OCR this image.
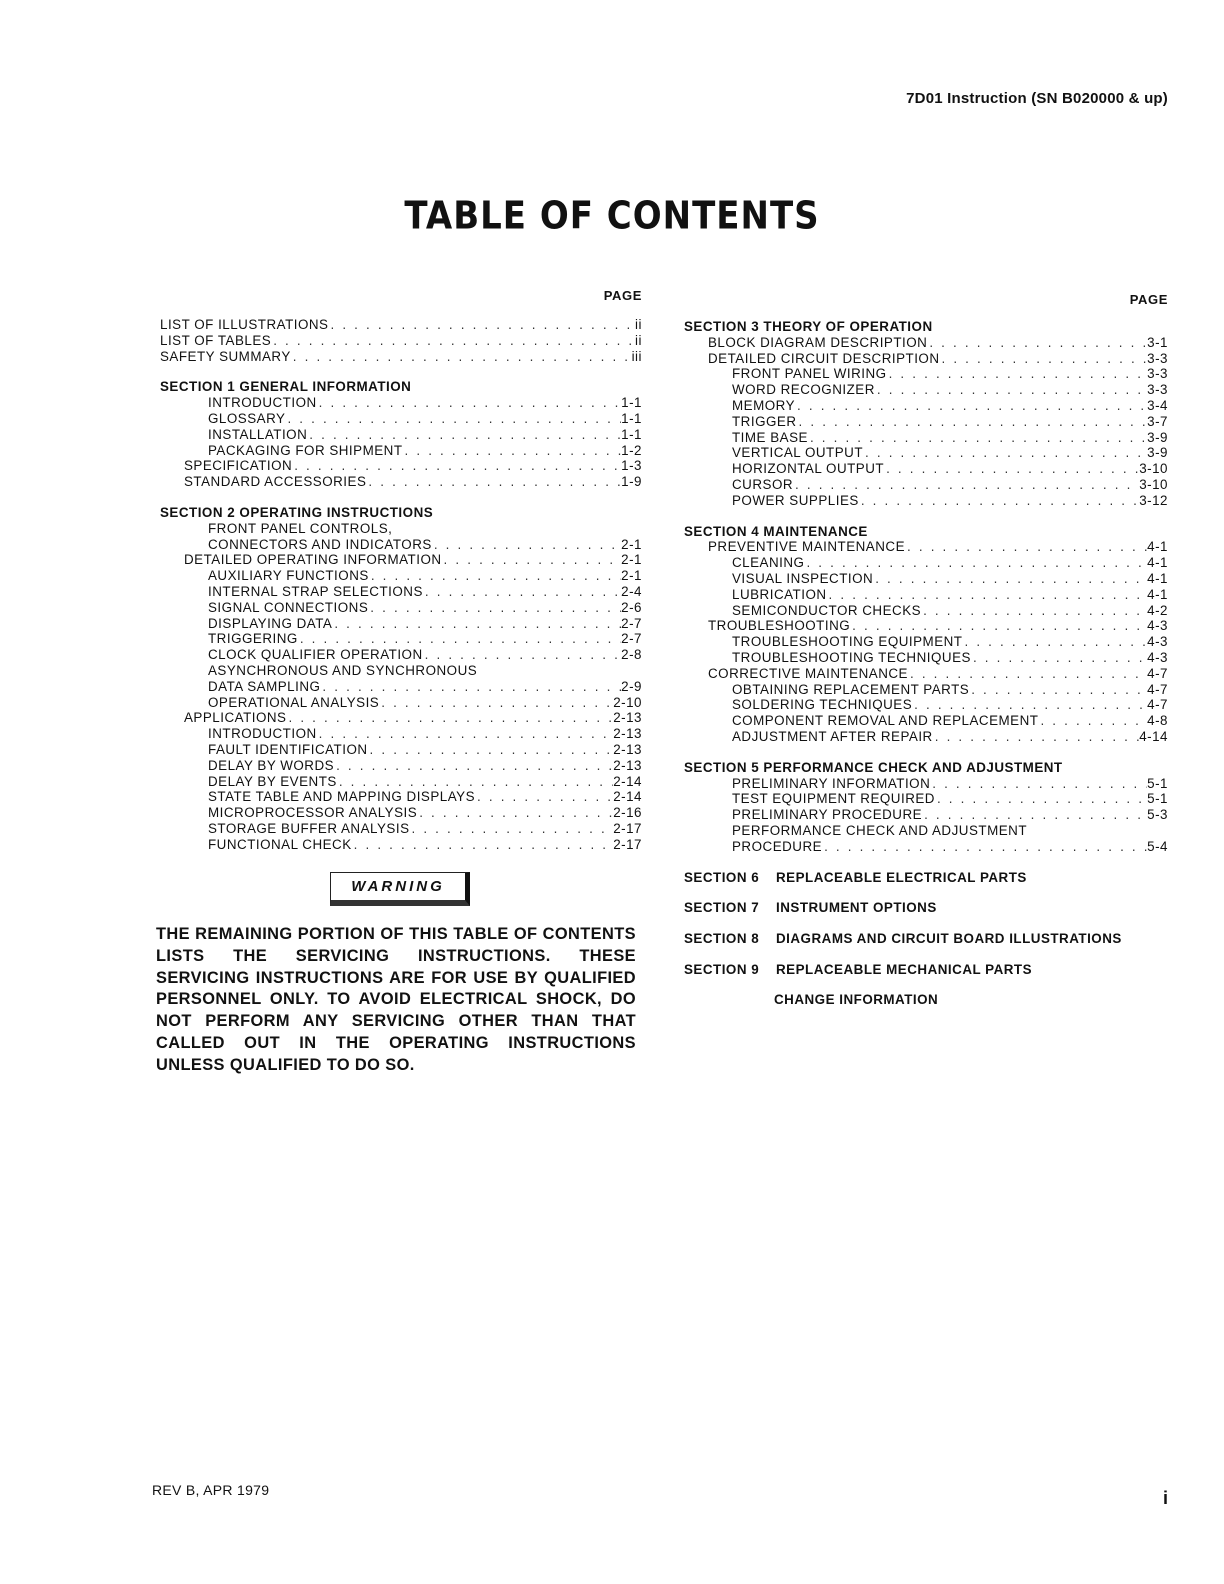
7D01 Instruction (SN B020000 & up)
TABLE OF CONTENTS
PAGE
LIST OF ILLUSTRATIONS . . .	ii
LIST OF TABLES . . .	ii
SAFETY SUMMARY . . .	iii
SECTION 1 GENERAL INFORMATION
INTRODUCTION . . .	1-1
GLOSSARY . . .	1-1
INSTALLATION . . .	1-1
PACKAGING FOR SHIPMENT . . .	1-2
SPECIFICATION . . .	1-3
STANDARD ACCESSORIES . . .	1-9
SECTION 2 OPERATING INSTRUCTIONS
FRONT PANEL CONTROLS,
CONNECTORS AND INDICATORS . . .	2-1
DETAILED OPERATING INFORMATION . . .	2-1
AUXILIARY FUNCTIONS . . .	2-1
INTERNAL STRAP SELECTIONS . . .	2-4
SIGNAL CONNECTIONS . . .	2-6
DISPLAYING DATA . . .	2-7
TRIGGERING . . .	2-7
CLOCK QUALIFIER OPERATION . . .	2-8
ASYNCHRONOUS AND SYNCHRONOUS
DATA SAMPLING . . .	2-9
OPERATIONAL ANALYSIS . . .	2-10
APPLICATIONS . . .	2-13
INTRODUCTION . . .	2-13
FAULT IDENTIFICATION . . .	2-13
DELAY BY WORDS . . .	2-13
DELAY BY EVENTS . . .	2-14
STATE TABLE AND MAPPING DISPLAYS . . .	2-14
MICROPROCESSOR ANALYSIS . . .	2-16
STORAGE BUFFER ANALYSIS . . .	2-17
FUNCTIONAL CHECK . . .	2-17
WARNING
THE REMAINING PORTION OF THIS TABLE OF CONTENTS LISTS THE SERVICING INSTRUCTIONS. THESE SERVICING INSTRUCTIONS ARE FOR USE BY QUALIFIED PERSONNEL ONLY. TO AVOID ELECTRICAL SHOCK, DO NOT PERFORM ANY SERVICING OTHER THAN THAT CALLED OUT IN THE OPERATING INSTRUCTIONS UNLESS QUALIFIED TO DO SO.
PAGE
SECTION 3 THEORY OF OPERATION
BLOCK DIAGRAM DESCRIPTION . . .	3-1
DETAILED CIRCUIT DESCRIPTION . . .	3-3
FRONT PANEL WIRING . . .	3-3
WORD RECOGNIZER . . .	3-3
MEMORY . . .	3-4
TRIGGER . . .	3-7
TIME BASE . . .	3-9
VERTICAL OUTPUT . . .	3-9
HORIZONTAL OUTPUT . . .	3-10
CURSOR . . .	3-10
POWER SUPPLIES . . .	3-12
SECTION 4 MAINTENANCE
PREVENTIVE MAINTENANCE . . .	4-1
CLEANING . . .	4-1
VISUAL INSPECTION . . .	4-1
LUBRICATION . . .	4-1
SEMICONDUCTOR CHECKS . . .	4-2
TROUBLESHOOTING . . .	4-3
TROUBLESHOOTING EQUIPMENT . . .	4-3
TROUBLESHOOTING TECHNIQUES . . .	4-3
CORRECTIVE MAINTENANCE . . .	4-7
OBTAINING REPLACEMENT PARTS . . .	4-7
SOLDERING TECHNIQUES . . .	4-7
COMPONENT REMOVAL AND REPLACEMENT . . .	4-8
ADJUSTMENT AFTER REPAIR . . .	4-14
SECTION 5 PERFORMANCE CHECK AND ADJUSTMENT
PRELIMINARY INFORMATION . . .	5-1
TEST EQUIPMENT REQUIRED . . .	5-1
PRELIMINARY PROCEDURE . . .	5-3
PERFORMANCE CHECK AND ADJUSTMENT
PROCEDURE . . .	5-4
SECTION 6	REPLACEABLE ELECTRICAL PARTS
SECTION 7	INSTRUMENT OPTIONS
SECTION 8	DIAGRAMS AND CIRCUIT BOARD ILLUSTRATIONS
SECTION 9	REPLACEABLE MECHANICAL PARTS
CHANGE INFORMATION
REV B, APR 1979	i
